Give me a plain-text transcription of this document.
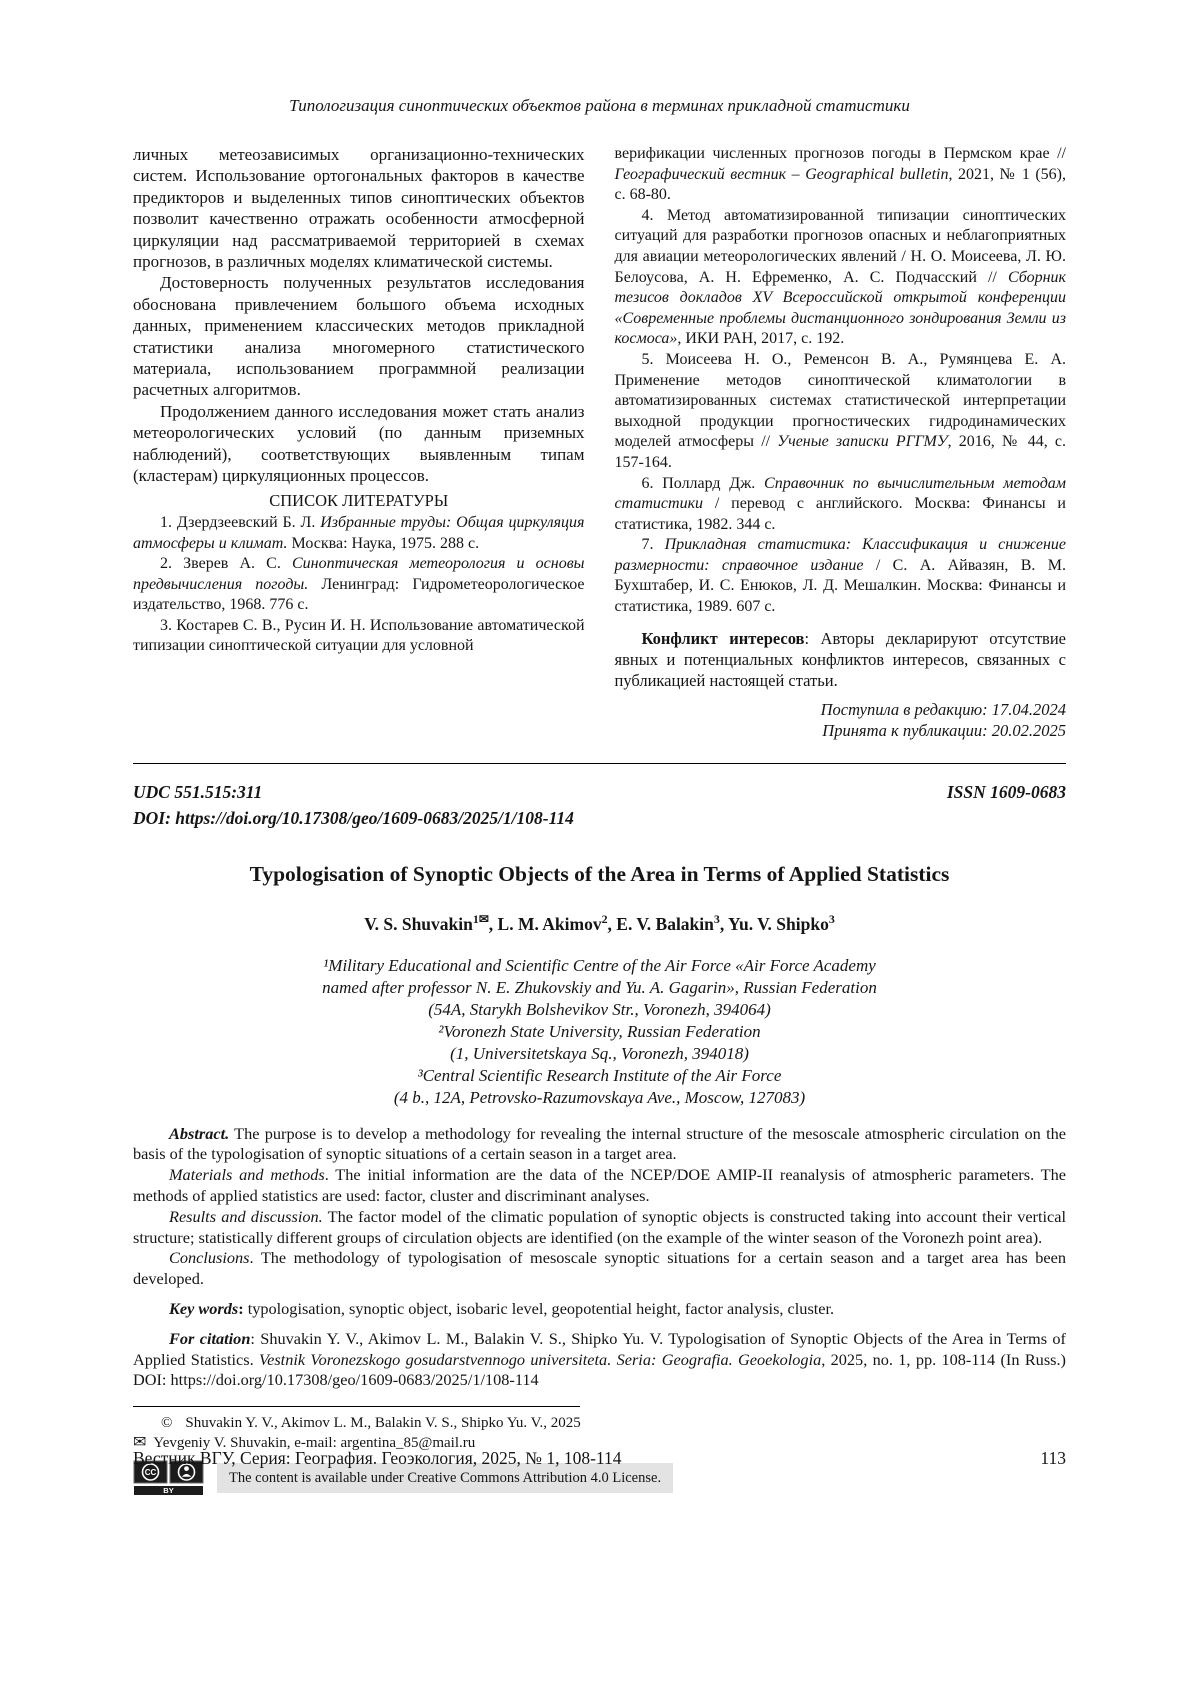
Типологизация синоптических объектов района в терминах прикладной статистики

личных метеозависимых организационно-технических систем. Использование ортогональных факторов в качестве предикторов и выделенных типов синоптических объектов позволит качественно отражать особенности атмосферной циркуляции над рассматриваемой территорией в схемах прогнозов, в различных моделях климатической системы.

Достоверность полученных результатов исследования обоснована привлечением большого объема исходных данных, применением классических методов прикладной статистики анализа многомерного статистического материала, использованием программной реализации расчетных алгоритмов.

Продолжением данного исследования может стать анализ метеорологических условий (по данным приземных наблюдений), соответствующих выявленным типам (кластерам) циркуляционных процессов.

СПИСОК ЛИТЕРАТУРЫ

1. Дзердзеевский Б. Л. Избранные труды: Общая циркуляция атмосферы и климат. Москва: Наука, 1975. 288 с.

2. Зверев А. С. Синоптическая метеорология и основы предвычисления погоды. Ленинград: Гидрометеорологическое издательство, 1968. 776 с.

3. Костарев С. В., Русин И. Н. Использование автоматической типизации синоптической ситуации для условной

верификации численных прогнозов погоды в Пермском крае // Географический вестник – Geographical bulletin, 2021, № 1 (56), с. 68-80.

4. Метод автоматизированной типизации синоптических ситуаций для разработки прогнозов опасных и неблагоприятных для авиации метеорологических явлений / Н. О. Моисеева, Л. Ю. Белоусова, А. Н. Ефременко, А. С. Подчасский // Сборник тезисов докладов XV Всероссийской открытой конференции «Современные проблемы дистанционного зондирования Земли из космоса», ИКИ РАН, 2017, с. 192.

5. Моисеева Н. О., Ременсон В. А., Румянцева Е. А. Применение методов синоптической климатологии в автоматизированных системах статистической интерпретации выходной продукции прогностических гидродинамических моделей атмосферы // Ученые записки РГГМУ, 2016, № 44, с. 157-164.

6. Поллард Дж. Справочник по вычислительным методам статистики / перевод с английского. Москва: Финансы и статистика, 1982. 344 с.

7. Прикладная статистика: Классификация и снижение размерности: справочное издание / С. А. Айвазян, В. М. Бухштабер, И. С. Енюков, Л. Д. Мешалкин. Москва: Финансы и статистика, 1989. 607 с.

Конфликт интересов: Авторы декларируют отсутствие явных и потенциальных конфликтов интересов, связанных с публикацией настоящей статьи.

Поступила в редакцию: 17.04.2024
Принята к публикации: 20.02.2025
UDC 551.515:311	ISSN 1609-0683
DOI: https://doi.org/10.17308/geo/1609-0683/2025/1/108-114
Typologisation of Synoptic Objects of the Area in Terms of Applied Statistics
V. S. Shuvakin$^{1✉}$, L. M. Akimov$^2$, E. V. Balakin$^3$, Yu. V. Shipko$^3$
¹Military Educational and Scientific Centre of the Air Force «Air Force Academy
named after professor N. E. Zhukovskiy and Yu. A. Gagarin», Russian Federation
(54A, Starykh Bolshevikov Str., Voronezh, 394064)
²Voronezh State University, Russian Federation
(1, Universitetskaya Sq., Voronezh, 394018)
³Central Scientific Research Institute of the Air Force
(4 b., 12A, Petrovsko-Razumovskaya Ave., Moscow, 127083)

Abstract. The purpose is to develop a methodology for revealing the internal structure of the mesoscale atmospheric circulation on the basis of the typologisation of synoptic situations of a certain season in a target area.

Materials and methods. The initial information are the data of the NCEP/DOE AMIP-II reanalysis of atmospheric parameters. The methods of applied statistics are used: factor, cluster and discriminant analyses.

Results and discussion. The factor model of the climatic population of synoptic objects is constructed taking into account their vertical structure; statistically different groups of circulation objects are identified (on the example of the winter season of the Voronezh point area).

Conclusions. The methodology of typologisation of mesoscale synoptic situations for a certain season and a target area has been developed.

Key words: typologisation, synoptic object, isobaric level, geopotential height, factor analysis, cluster.

For citation: Shuvakin Y. V., Akimov L. M., Balakin V. S., Shipko Yu. V. Typologisation of Synoptic Objects of the Area in Terms of Applied Statistics. Vestnik Voronezskogo gosudarstvennogo universiteta. Seria: Geografia. Geoekologia, 2025, no. 1, pp. 108-114 (In Russ.) DOI: https://doi.org/10.17308/geo/1609-0683/2025/1/108-114

© Shuvakin Y. V., Akimov L. M., Balakin V. S., Shipko Yu. V., 2025
✉ Yevgeniy V. Shuvakin, e-mail: argentina_85@mail.ru
CC
BY
The content is available under Creative Commons Attribution 4.0 License.
Вестник ВГУ, Серия: География. Геоэкология, 2025, № 1, 108-114	113
